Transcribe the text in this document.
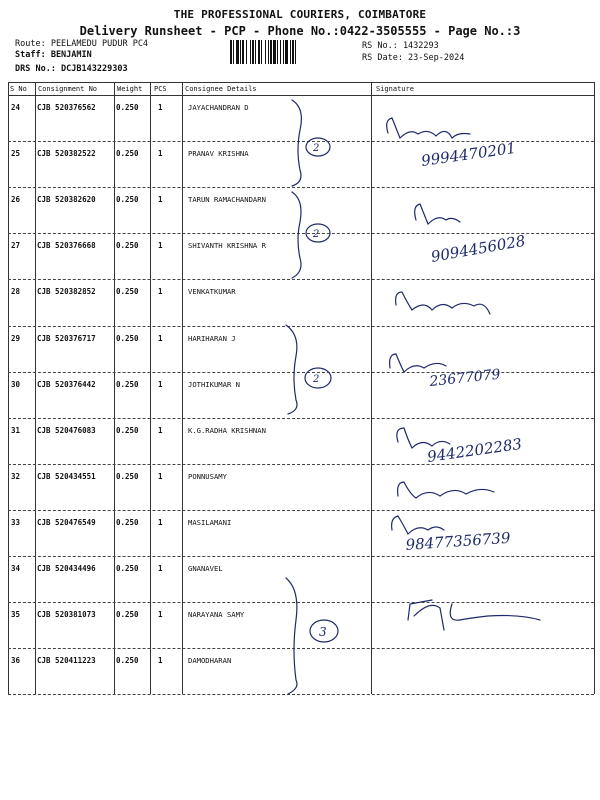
THE PROFESSIONAL COURIERS, COIMBATORE
Delivery Runsheet - PCP - Phone No.:0422-3505555 - Page No.:3
Route: PEELAMEDU PUDUR PC4
Staff: BENJAMIN
DRS No.: DCJB143229303
RS No.: 1432293
RS Date: 23-Sep-2024
S No Consignment No	Weight PCS	Consignee Details	Signature
24 CJB 520376562	0.250	1	JAYACHANDRAN D
25 CJB 520382522	0.250	1	PRANAV KRISHNA
26 CJB 520382620	0.250	1	TARUN RAMACHANDARN
27 CJB 520376668	0.250	1	SHIVANTH KRISHNA R
28 CJB 520382852	0.250	1	VENKATKUMAR
29 CJB 520376717	0.250	1	HARIHARAN J
30 CJB 520376442	0.250	1	JOTHIKUMAR N
31 CJB 520476083	0.250	1	K.G.RADHA KRISHNAN
32 CJB 520434551	0.250	1	PONNUSAMY
33 CJB 520476549	0.250	1	MASILAMANI
34 CJB 520434496	0.250	1	GNANAVEL
35 CJB 520381073	0.250	1	NARAYANA SAMY
36 CJB 520411223	0.250	1	DAMODHARAN
2
2
2
3
9994470201
9094456028
23677079
9442202283
98477356739
